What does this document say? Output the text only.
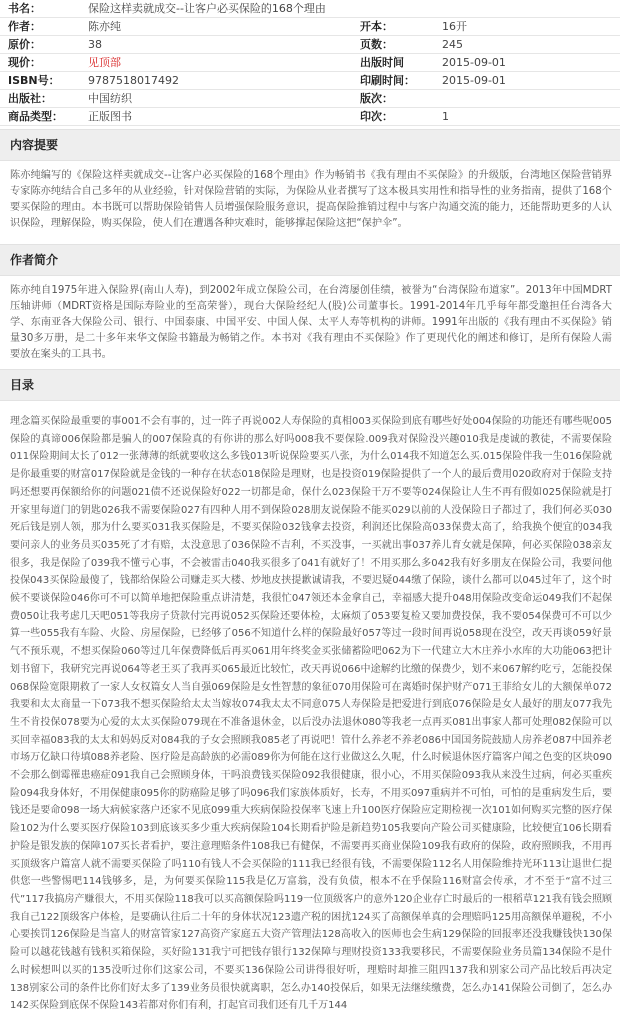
书名：	保险这样卖就成交--让客户必买保险的168个理由		
作者：	陈亦纯	开本：	16开
原价：	38	页数：	245
现价：	见顶部	出版时间	2015-09-01
ISBN号：	9787518017492	印刷时间：	2015-09-01
出版社：	中国纺织	版次：	
商品类型：	正版图书	印次：	1
内容提要
陈亦纯编写的《保险这样卖就成交--让客户必买保险的168个理由》作为畅销书《我有理由不买保险》的升级版，台湾地区保险营销界专家陈亦纯结合自己多年的从业经验，针对保险营销的实际，为保险从业者撰写了这本极具实用性和指导性的业务指南，提供了168个要买保险的理由。本书既可以帮助保险销售人员增强保险服务意识，提高保险推销过程中与客户沟通交流的能力，还能帮助更多的人认识保险，理解保险，购买保险，使人们在遭遇各种灾难时，能够撑起保险这把“保护伞”。
作者简介
陈亦纯自1975年进入保险界(南山人寿)，到2002年成立保险公司，在台湾屡创佳绩，被誉为“台湾保险布道家”。2013年中国MDRT压轴讲师（MDRT资格是国际寿险业的至高荣誉），现台大保险经纪人(股)公司董事长。1991-2014年几乎每年都受邀担任台湾各大学、东南亚各大保险公司、银行、中国泰康、中国平安、中国人保、太平人寿等机构的讲师。1991年出版的《我有理由不买保险》销量30多万册，是二十多年来华文保险书籍最为畅销之作。本书对《我有理由不买保险》作了更现代化的阐述和修订，是所有保险人需要放在案头的工具书。
目录
理念篇买保险最重要的事001不会有事的，过一阵子再说002人寿保险的真相003买保险到底有哪些好处004保险的功能还有哪些呢005保险的真谛006保险都是骗人的007保险真的有你讲的那么好吗008我不要保险.009我对保险没兴趣010我是虔诚的教徒，不需要保险011保险期间太长了012一张薄薄的纸就要收这么多钱013听说保险要买八张，为什么014我不知道怎么买.015保险伴我一生016保险就是你最重要的财富017保险就是金钱的一种存在状态018保险是理财，也是投资019保险提供了一个人的最后费用020政府对于保险支持吗还想要再保额给你的问题021债不还说保险好022一切都是命，保什么023保险干万不要等024保险让人生不再有假如025保险就是打开家里每道门的钥匙026我不需要保险027有四种人用不到保险028朋友说保险不能买029以前的人没保险日子都过了，我们何必买030死后钱是别人领，那为什么要买031我买保险是，不要买保险032钱拿去投资，利润还比保险高033保费太高了，给我换个便宜的034我要问亲人的业务员买035死了才有赔，太没意思了036保险不吉利，不买没事，一买就出事037养儿育女就是保障，何必买保险038亲友很多，我是保险了039我不懂亏心事，不会被雷击040我买很多了041有就好了！不用买那么多042我有好多朋友在保险公司，我要问他投保043买保险最傻了，钱都给保险公司赚走买大楼、炒地皮挟提歉诚请我，不要迟疑044缴了保险，谈什么都可以045过年了，这个时候不要谈保险046你可不可以简单地把保险重点讲清楚，我很忙047领还本金拿自己，幸福感大提升048用保险改变命运049我们不起保费050让我考虑几天吧051等我房子贷款付完再说052买保险还要体检，太麻烦了053要复检又要加费投保，我不要054保费可不可以少算一些055我有车险、火险、房屋保险，已经够了056不知道什么样的保险最好057等过一段时间再说058现在没空，改天再谈059好景气不预乐观，不想买保险060等过几年保费降低后再买061用年终奖金买张储蓄险吧062为下一代建立大木庄养小水库的大功能063把计划书留下，我研究完再说064等老王买了我再买065最近比较忙，改天再说066中途解约比缴的保费少，划不来067解约吃亏，怎能投保068保险宽限期救了一家人女权篇女人当自强069保险是女性智慧的象征070用保险可在离婚时保护财产071王菲给女儿的大额保单072我要和太太商量一下073我不想买保险给太太当嫁妆074我太太不同意075人寿保险是把爱进行到底076保险是女人最好的朋友077我先生不肯投保078要为心爱的太太买保险079现在不准备退休金，以后没办法退休080等我老一点再买081出事家人都可处理082保险可以买回幸福083我的太太和妈妈反对084我的子女会照顾我085老了再说吧！管什么养老不养老086中国国务院鼓励人房养老087中国养老市场万亿缺口待填088养老险、医疗险是高龄族的必需089你为何能在这行业做这么久呢，什么时候退休医疗篇客户闻之色变的区块090不会那么倒霉罹患癌症091我自己会照顾身体，干吗浪费钱买保险092我很健康，很小心，不用买保险093我从来没生过病，何必买重疾险094我身体好，不用保健康095你的防癌险足够了吗096我们家族体质好，长寿，不用买097重病并不可怕，可怕的是重病发生后，要钱还是要命098一场大病候家落户还家不见底099重大疾病保险投保率飞速上升100医疗保险应定期检视一次101如何购买完整的医疗保险102为什么要买医疗保险103到底该买多少重大疾病保险104长期看护险是新趋势105我要向产险公司买健康险，比较便宜106长期看护险是银发族的保障107买长者看护，要注意理赔条件108我已有健保，不需要再买商业保险109我有政府的保险，政府照顾我，不用再买顶级客户篇富人就不需要买保险了吗110有钱人不会买保险的111我已经很有钱，不需要保险112名人用保险维持光环113让退世仁提供您一些警惕吧114钱够多，是，为何要买保险115我是亿万富翁，没有负债，根本不在乎保险116财富会传承，才不至于“富不过三代”117我搞房产赚很大，不用买保险118我可以买高额保险吗119一位顶级客户的意外120企业存亡时最后的一根稻草121我有钱会照顾我自己122顶级客户体检，是要确认往后二十年的身体状况123遗产税的困扰124买了高额保单真的会理赔吗125用高额保单避税，不小心要挨罚126保险是当富人的财富管家127高资产家庭五大资产管理法128高收入的医师也会生病129保险的回报率还没我赚钱快130保险可以越花钱越有钱积买箱保险，买好险131我宁可把钱存银行132保障与理财投资133我要移民，不需要保险业务员篇134保险不是什么时候想叫以买的135没听过你们这家公司，不要买136保险公司讲得很好听，理赔时却推三阻四137我和别家公司产品比较后再决定138别家公司的条件比你们好太多了139业务员很快就离职，怎么办140投保后，如果无法继续缴费，怎么办141保险公司倒了，怎么办142买保险到底保不保险143若都对你们有利，打起官司我们还有几千万144
